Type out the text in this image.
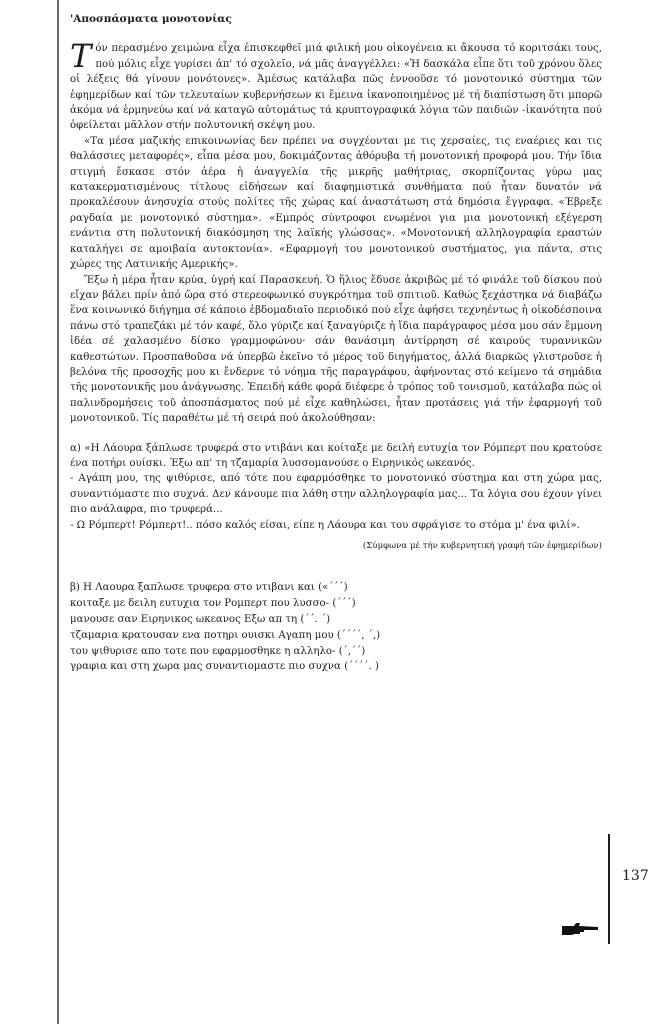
'Αποσπάσματα μονοτονίας

Τόν περασμένο χειμώνα εἶχα ἐπισκεφθεῖ μιά φιλική μου οἰκογένεια κι ἄκουσα τό κοριτσάκι τους, πού μόλις εἶχε γυρίσει ἀπ' τό σχολεῖο, νά μᾶς ἀναγγέλλει: «Ἡ δασκάλα εἶπε ὅτι τοῦ χρόνου ὅλες οἱ λέξεις θά γίνουν μονότονες». Ἀμέσως κατάλαβα πῶς ἐννοοῦσε τό μονοτονικό σύστημα τῶν ἐφημερίδων καί τῶν τελευταίων κυβερνήσεων κι ἔμεινα ἱκανοποιημένος μέ τή διαπίστωση ὅτι μπορῶ ἀκόμα νά ἑρμηνεύω καί νά καταγῶ αὐτομάτως τά κρυπτογραφικά λόγια τῶν παιδιῶν -ἱκανότητα πού ὀφείλεται μᾶλλον στήν πολυτονική σκέψη μου.

«Τα μέσα μαζικής επικοινωνίας δεν πρέπει να συγχέονται με τις χερσαίες, τις εναέριες και τις θαλάσσιες μεταφορές», εἶπα μέσα μου, δοκιμάζοντας ἀθόρυβα τή μονοτονική προφορά μου. Τήν ἴδια στιγμή ἔσκασε στόν ἀέρα ἡ ἀναγγελία τῆς μικρῆς μαθήτριας, σκορπίζοντας γύρω μας κατακερματισμένους τίτλους εἰδήσεων καί διαφημιστικά συνθήματα πού ἦταν δυνατόν νά προκαλέσουν ἀνησυχία στούς πολίτες τῆς χώρας καί ἀναστάτωση στά δημόσια ἔγγραφα. «Έβρεξε ραγδαία με μονοτονικό σύστημα». «Εμπρός σύντροφοι ενωμένοι για μια μονοτονική εξέγερση ενάντια στη πολυτονική διακόσμηση της λαϊκής γλώσσας». «Μονοτονική αλληλογραφία εραστών καταλήγει σε αμοιβαία αυτοκτονία». «Εφαρμογή του μονοτονικού συστήματος, για πάντα, στις χώρες της Λατινικής Αμερικής».

Ἔξω ἡ μέρα ἦταν κρύα, ὑγρή καί Παρασκευή. Ὁ ἥλιος ἔδυσε ἀκριβῶς μέ τό φινάλε τοῦ δίσκου πού εἴχαν βάλει πρίν ἀπό ὥρα στό στερεοφωνικό συγκρότημα τοῦ σπιτιοῦ. Καθώς ξεχάστηκα νά διαβάζω ἕνα κοινωνικό διήγημα σέ κάποιο ἑβδομαδιαῖο περιοδικό πού εἶχε ἀφήσει τεχνηέντως ἡ οἰκοδέσποινα πάνω στό τραπεζάκι μέ τόν καφέ, ὅλο γύριζε καί ξαναγύριζε ἡ ἴδια παράγραφος μέσα μου σάν ἔμμονη ἰδέα σέ χαλασμένο δίσκο γραμμοφώνου· σάν θανάσιμη ἀντίρρηση σέ καιρούς τυραννικῶν καθεστώτων. Προσπαθοῦσα νά ὑπερβῶ ἐκεῖνο τό μέρος τοῦ διηγήματος, ἀλλά διαρκῶς γλιστροῦσε ἡ βελόνα τῆς προσοχῆς μου κι ἔνδερνε τό νόημα τῆς παραγράφου, ἀφήνοντας στό κείμενο τά σημάδια τῆς μονοτονικῆς μου ἀνάγνωσης. Ἐπειδή κάθε φορά διέφερε ὁ τρόπος τοῦ τονισμοῦ, κατάλαβα πώς οἱ παλινδρομήσεις τοῦ ἀποσπάσματος πού μέ εἶχε καθηλώσει, ἦταν προτάσεις γιά τήν ἐφαρμογή τοῦ μονοτονικοῦ. Τίς παραθέτω μέ τή σειρά πού ἀκολούθησαν:

α) «Η Λάουρα ξάπλωσε τρυφερά στο ντιβάνι και κοίταξε με δειλή ευτυχία τον Ρόμπερτ που κρατούσε ένα ποτήρι ουίσκι. Έξω απ' τη τζαμαρία λυσσομανούσε ο Ειρηνικός ωκεανός.
- Αγάπη μου, της ψιθύρισε, από τότε που εφαρμόσθηκε το μονοτονικό σύστημα και στη χώρα μας, συναντιόμαστε πιο συχνά. Δεν κάνουμε πια λάθη στην αλληλογραφία μας... Τα λόγια σου έχουν γίνει πιο ανάλαφρα, πιο τρυφερά...
- Ω Ρόμπερτ! Ρόμπερτ!.. πόσο καλός είσαι, είπε η Λάουρα και του σφράγισε το στόμα μ' ένα φιλί».
(Σύμφωνα μέ τήν κυβερνητική γραφή τῶν ἐφημερίδων)
β) Η Λαουρα ξαπλωσε τρυφερα στο ντιβανι και («´´´)
κοιταξε με δειλη ευτυχια τον Ρομπερτ που λυσσο- (´´´)
μανουσε σαν Ειρηνικος ωκεανος Εξω απ τη (´´. ´)
τζαμαρια κρατουσαν ενα ποτηρι ουισκι Αγαπη μου (´´´´, ´,)
του ψιθυρισε απο τοτε που εφαρμοσθηκε η αλληλο- (´,´´)
γραφια και στη χωρα μας συναντιομαστε πιο συχνα (´´´´. )
137
